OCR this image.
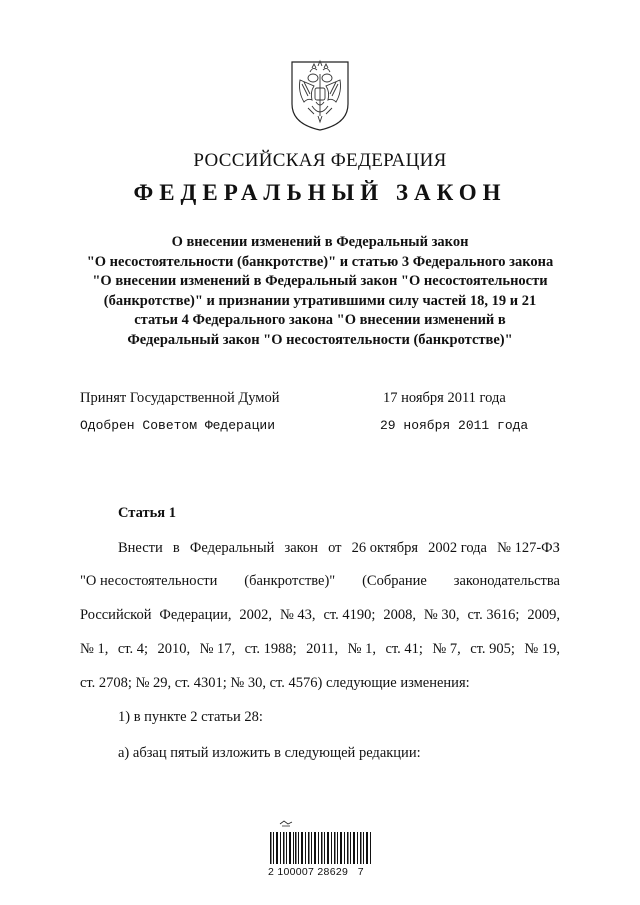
РОССИЙСКАЯ ФЕДЕРАЦИЯ
ФЕДЕРАЛЬНЫЙ ЗАКОН
О внесении изменений в Федеральный закон
"О несостоятельности (банкротстве)" и статью 3 Федерального закона
"О внесении изменений в Федеральный закон "О несостоятельности
(банкротстве)" и признании утратившими силу частей 18, 19 и 21
статьи 4 Федерального закона "О внесении изменений в
Федеральный закон "О несостоятельности (банкротстве)"
Принят Государственной Думой	17 ноября 2011 года
Одобрен Советом Федерации	29 ноября 2011 года
Статья 1
Внести в Федеральный закон от 26 октября 2002 года № 127-ФЗ
"О несостоятельности (банкротстве)" (Собрание законодательства
Российской Федерации, 2002, № 43, ст. 4190; 2008, № 30, ст. 3616; 2009,
№ 1, ст. 4; 2010, № 17, ст. 1988; 2011, № 1, ст. 41; № 7, ст. 905; № 19,
ст. 2708; № 29, ст. 4301; № 30, ст. 4576) следующие изменения:
1) в пункте 2 статьи 28:
а) абзац пятый изложить в следующей редакции:
2 100007 28629   7
